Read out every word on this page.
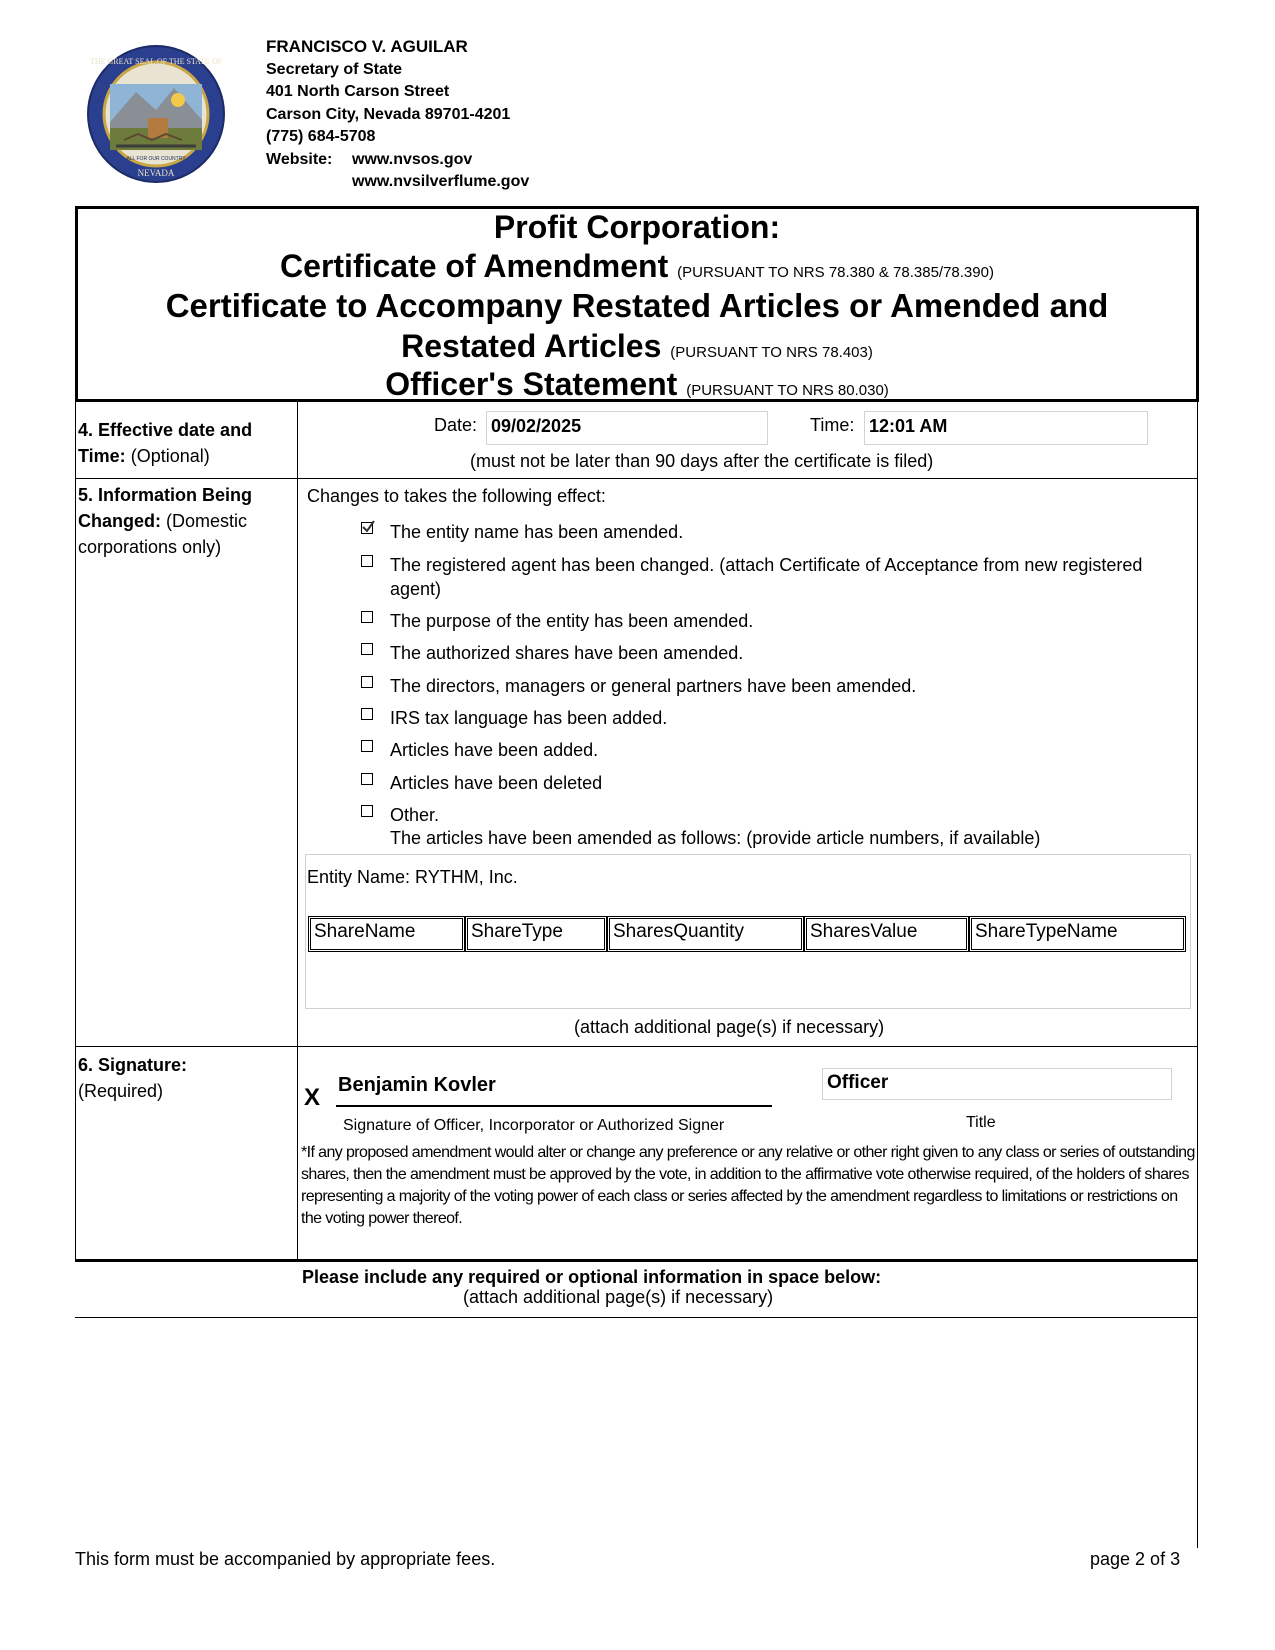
THE GREAT SEAL OF THE STATE OF
NEVADA
ALL FOR OUR COUNTRY
FRANCISCO V. AGUILAR
Secretary of State
401 North Carson Street
Carson City, Nevada 89701-4201
(775) 684-5708
Website: www.nvsos.gov
www.nvsilverflume.gov
Profit Corporation:
Certificate of Amendment (PURSUANT TO NRS 78.380 & 78.385/78.390)
Certificate to Accompany Restated Articles or Amended and
Restated Articles (PURSUANT TO NRS 78.403)
Officer's Statement (PURSUANT TO NRS 80.030)
4. Effective date and Time: (Optional)
Date: 09/02/2025	Time: 12:01 AM
(must not be later than 90 days after the certificate is filed)
5. Information Being Changed: (Domestic corporations only)
Changes to takes the following effect:
The entity name has been amended.
The registered agent has been changed. (attach Certificate of Acceptance from new registered agent)
The purpose of the entity has been amended.
The authorized shares have been amended.
The directors, managers or general partners have been amended.
IRS tax language has been added.
Articles have been added.
Articles have been deleted
Other.
The articles have been amended as follows: (provide article numbers, if available)
Entity Name: RYTHM, Inc.
ShareName	ShareType	SharesQuantity	SharesValue	ShareTypeName
(attach additional page(s) if necessary)
6. Signature:
(Required)	X Benjamin Kovler
Signature of Officer, Incorporator or Authorized Signer
Officer
Title
*If any proposed amendment would alter or change any preference or any relative or other right given to any class or series of outstanding shares, then the amendment must be approved by the vote, in addition to the affirmative vote otherwise required, of the holders of shares representing a majority of the voting power of each class or series affected by the amendment regardless to limitations or restrictions on the voting power thereof.
Please include any required or optional information in space below:
(attach additional page(s) if necessary)
This form must be accompanied by appropriate fees.	page 2 of 3
